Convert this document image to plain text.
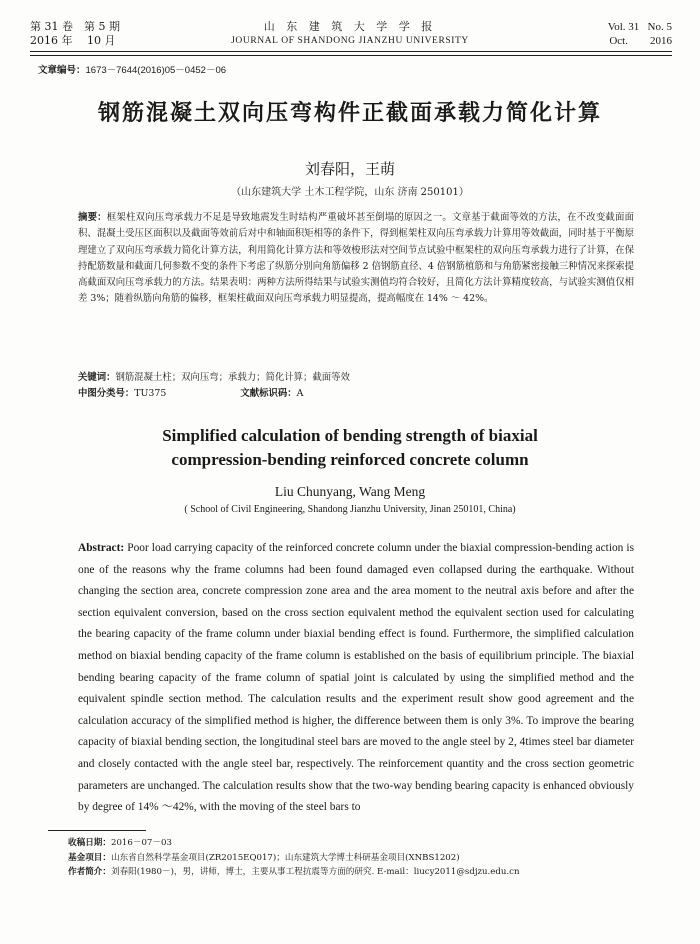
第 31 卷　第 5 期
2016 年　 10 月
山 东 建 筑 大 学 学 报
JOURNAL OF SHANDONG JIANZHU UNIVERSITY
Vol. 31 No. 5
Oct. 2016
文章编号：1673－7644(2016)05－0452－06
钢筋混凝土双向压弯构件正截面承载力简化计算
刘春阳，王萌
（山东建筑大学 土木工程学院，山东 济南 250101）
摘要：框架柱双向压弯承载力不足是导致地震发生时结构严重破坏甚至倒塌的原因之一。文章基于截面等效的方法，在不改变截面面积、混凝土受压区面积以及截面等效前后对中和轴面积矩相等的条件下，得到框架柱双向压弯承载力计算用等效截面，同时基于平衡原理建立了双向压弯承载力简化计算方法，利用简化计算方法和等效梭形法对空间节点试验中框架柱的双向压弯承载力进行了计算，在保持配筋数量和截面几何参数不变的条件下考虑了纵筋分别向角筋偏移 2 倍钢筋直径、4 倍钢筋植筋和与角筋紧密接触三种情况来探索提高截面双向压弯承载力的方法。结果表明：两种方法所得结果与试验实测值均符合较好，且简化方法计算精度较高，与试验实测值仅相差 3%；随着纵筋向角筋的偏移，框架柱截面双向压弯承载力明显提高，提高幅度在 14% ～ 42%。
关键词：钢筋混凝土柱；双向压弯；承载力；简化计算；截面等效
中图分类号：TU375	文献标识码：A
Simplified calculation of bending strength of biaxial
compression-bending reinforced concrete column
Liu Chunyang, Wang Meng
( School of Civil Engineering, Shandong Jianzhu University, Jinan 250101, China)
Abstract: Poor load carrying capacity of the reinforced concrete column under the biaxial compression-bending action is one of the reasons why the frame columns had been found damaged even collapsed during the earthquake. Without changing the section area, concrete compression zone area and the area moment to the neutral axis before and after the section equivalent conversion, based on the cross section equivalent method the equivalent section used for calculating the bearing capacity of the frame column under biaxial bending effect is found. Furthermore, the simplified calculation method on biaxial bending capacity of the frame column is established on the basis of equilibrium principle. The biaxial bending bearing capacity of the frame column of spatial joint is calculated by using the simplified method and the equivalent spindle section method. The calculation results and the experiment result show good agreement and the calculation accuracy of the simplified method is higher, the difference between them is only 3%. To improve the bearing capacity of biaxial bending section, the longitudinal steel bars are moved to the angle steel by 2, 4times steel bar diameter and closely contacted with the angle steel bar, respectively. The reinforcement quantity and the cross section geometric parameters are unchanged. The calculation results show that the two-way bending bearing capacity is enhanced obviously by degree of 14% ～42%, with the moving of the steel bars to
收稿日期：2016－07－03
基金项目：山东省自然科学基金项目(ZR2015EQ017)；山东建筑大学博士科研基金项目(XNBS1202)
作者简介：刘春阳(1980－)，男，讲师，博士，主要从事工程抗震等方面的研究. E-mail：liucy2011@sdjzu.edu.cn
